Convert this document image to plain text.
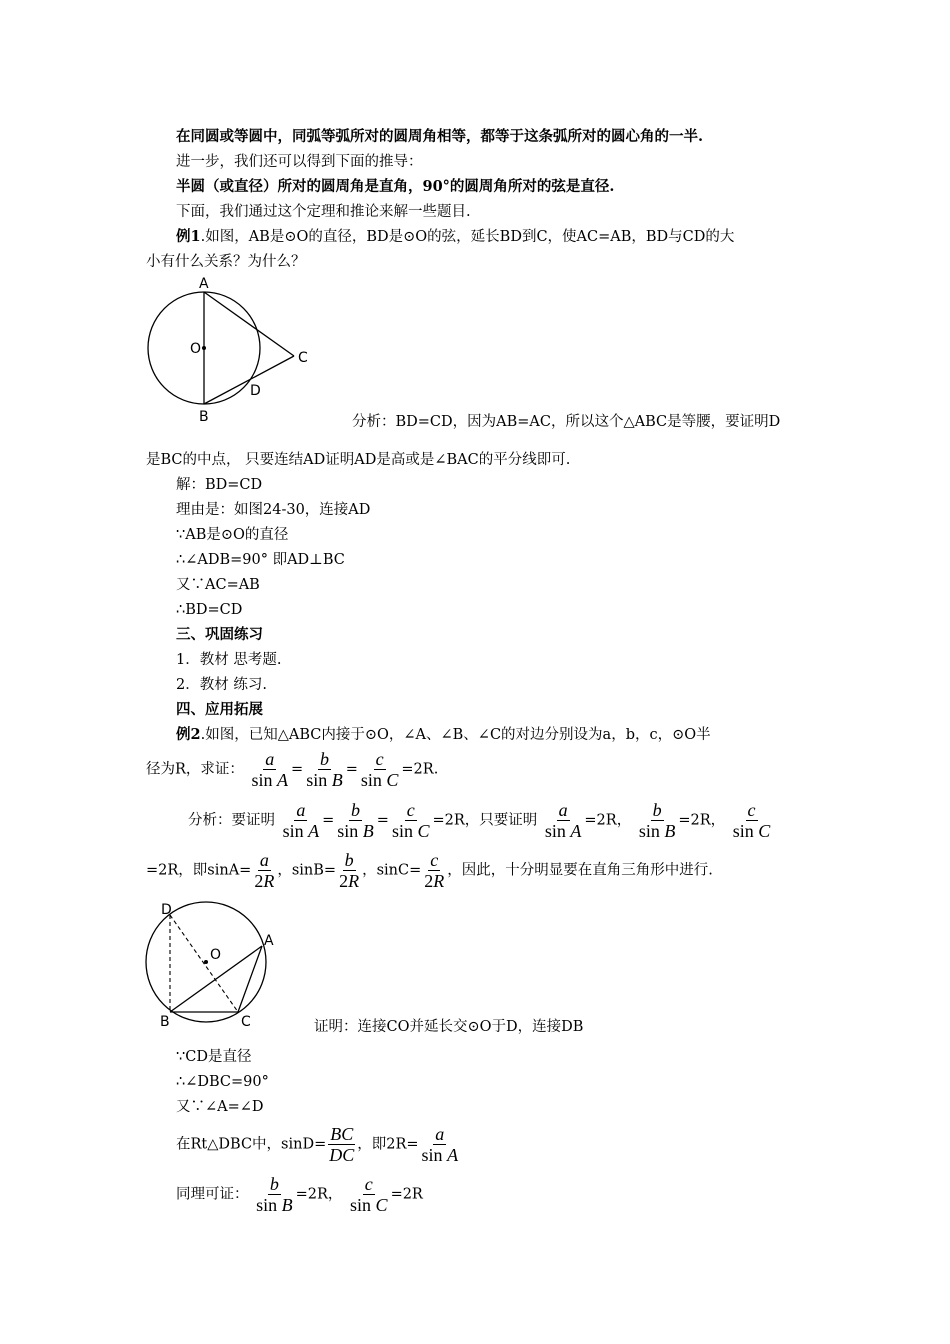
在同圆或等圆中，同弧等弧所对的圆周角相等，都等于这条弧所对的圆心角的一半.
进一步，我们还可以得到下面的推导：
半圆（或直径）所对的圆周角是直角，90°的圆周角所对的弦是直径.
下面，我们通过这个定理和推论来解一些题目.
例1.如图，AB是⊙O的直径，BD是⊙O的弦，延长BD到C，使AC=AB，BD与CD的大
小有什么关系？为什么？
A
O
B
C
D
分析：BD=CD，因为AB=AC，所以这个△ABC是等腰，要证明D
是BC的中点， 只要连结AD证明AD是高或是∠BAC的平分线即可.
解：BD=CD
理由是：如图24-30，连接AD
∵AB是⊙O的直径
∴∠ADB=90° 即AD⊥BC
又∵AC=AB
∴BD=CD
三、巩固练习
1．教材 思考题.
2．教材 练习.
四、应用拓展
例2.如图，已知△ABC内接于⊙O，∠A、∠B、∠C的对边分别设为a，b，c，⊙O半
径为R，求证： $\frac{a}{\text{sin A}} = \frac{b}{\text{sin B}} = \frac{c}{\text{sin C}} =2R$.
分析：要证明 $\frac{a}{\text{sin A}} = \frac{b}{\text{sin B}} = \frac{c}{\text{sin C}} =2R$，只要证明 $\frac{a}{\text{sin A}} =2R$， $\frac{b}{\text{sin B}} =2R$， $\frac{c}{\text{sin C}}$
=2R，即$\sin A= \frac{a}{2R}$ ，$\sin B= \frac{b}{2R}$ ，$\sin C= \frac{c}{2R}$ ，因此，十分明显要在直角三角形中进行.
D
O
A
B	C	证明：连接CO并延长交⊙O于D，连接DB
∵CD是直径
∴∠DBC=90°
又∵∠A=∠D
在Rt△DBC中，$\sin D= \frac{BC}{DC}$ ，即$2R= \frac{a}{\text{sin A}}$
同理可证： $\frac{b}{\text{sin B}} =2R$， $\frac{c}{\text{sin C}} =2R$
